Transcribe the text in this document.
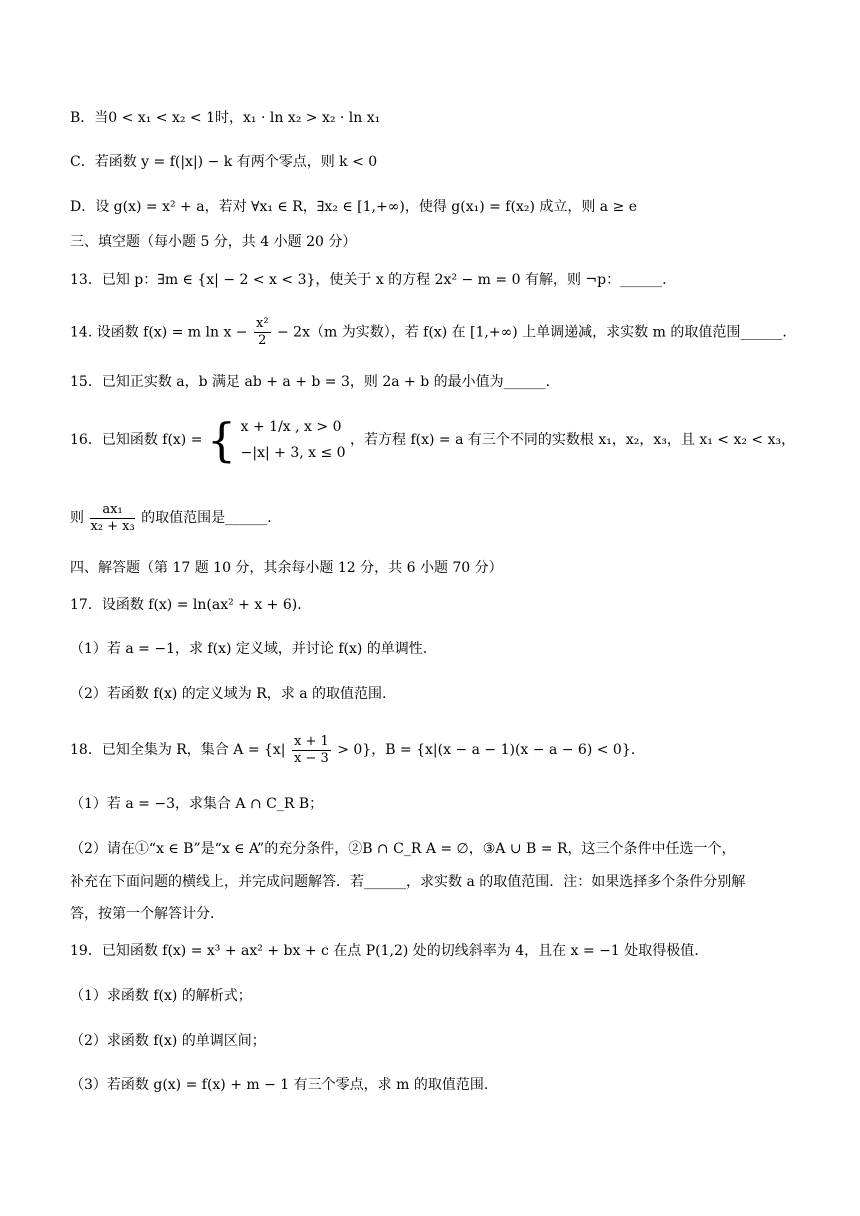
B．当0 < x₁ < x₂ < 1时，x₁ · ln x₂ > x₂ · ln x₁
C．若函数 y = f(|x|) − k 有两个零点，则 k < 0
D．设 g(x) = x² + a，若对 ∀x₁ ∈ R，∃x₂ ∈ [1,+∞)，使得 g(x₁) = f(x₂) 成立，则 a ≥ e
三、填空题（每小题 5 分，共 4 小题 20 分）
13．已知 p：∃m ∈ {x| − 2 < x < 3}，使关于 x 的方程 2x² − m = 0 有解，则 ¬p：______.
14. 设函数 f(x) = m $\ln x - \frac{\text{x²}}{2} - 2x(m$ 为实数），若 f(x) 在 [1,+∞) 上单调递减，求实数 m 的取值范围______.
15．已知正实数 a，b 满足 ab + a + b = 3，则 2a + b 的最小值为______.
16．已知函数 f(x) = { x + 1/x , x > 0
−|x| + 3, x ≤ 0
，若方程 f(x) = a 有三个不同的实数根 x₁，x₂，x₃，且 x₁ < x₂ < x₃，
则 $\frac{\text{ax₁}}{\text{x₂ + x₃}}$ 的取值范围是______.
四、解答题（第 17 题 10 分，其余每小题 12 分，共 6 小题 70 分）
17．设函数 f(x) = ln(ax² + x + 6).
（1）若 a = −1，求 f(x) 定义域，并讨论 f(x) 的单调性.
（2）若函数 f(x) 的定义域为 R，求 a 的取值范围.
18．已知全集为 R，集合 $A = \{x| \frac{x + 1}{x - 3} > 0\}$，B = {x|(x − a − 1)(x − a − 6) < 0}.
（1）若 a = −3，求集合 A ∩ C_R B；
（2）请在①“x ∈ B”是“x ∈ A”的充分条件，②B ∩ C_R A = ∅，③A ∪ B = R，这三个条件中任选一个，
补充在下面问题的横线上，并完成问题解答．若______，求实数 a 的取值范围．注：如果选择多个条件分别解
答，按第一个解答计分．
19．已知函数 f(x) = x³ + ax² + bx + c 在点 P(1,2) 处的切线斜率为 4，且在 x = −1 处取得极值.
（1）求函数 f(x) 的解析式；
（2）求函数 f(x) 的单调区间；
（3）若函数 g(x) = f(x) + m − 1 有三个零点，求 m 的取值范围.
